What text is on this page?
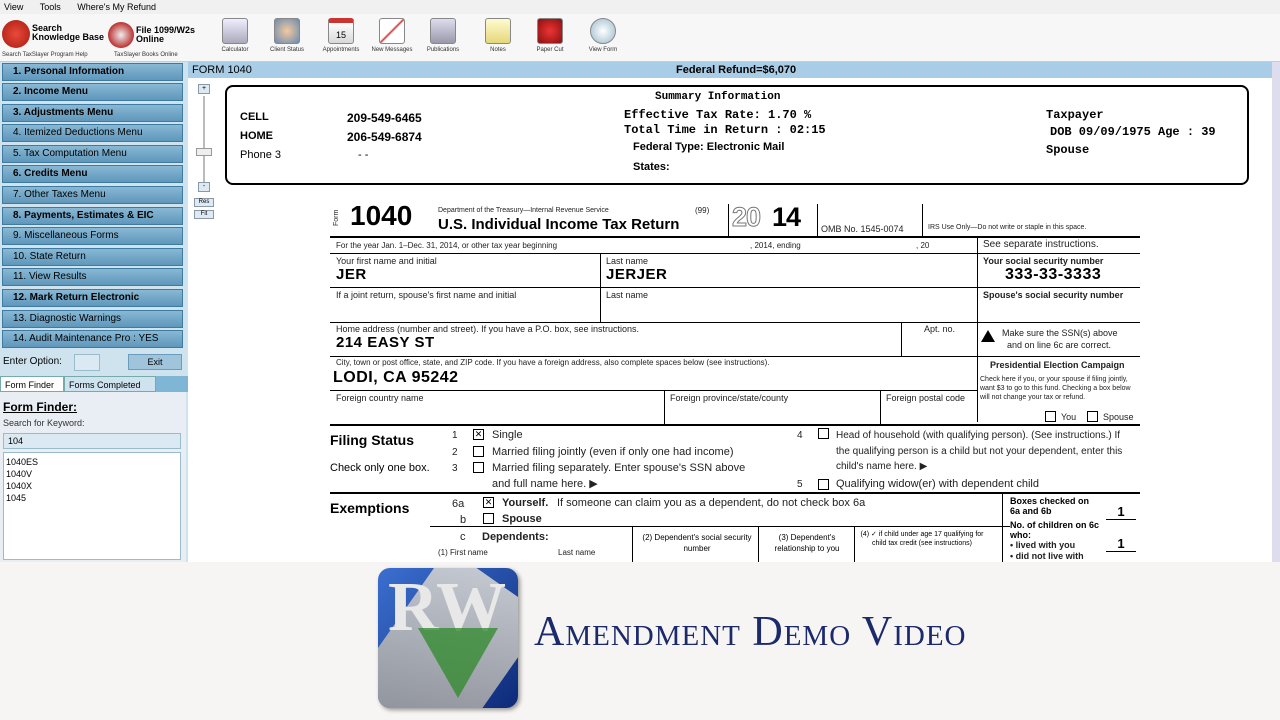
View Tools Where's My Refund
Search
Knowledge Base
Search TaxSlayer Program Help
File 1099/W2s
Online
TaxSlayer Books Online
Calculator	Client Status
15
Appointments	New Messages	Publications	Notes	Paper Cut	View Form
1. Personal Information
2. Income Menu
3. Adjustments Menu
4. Itemized Deductions Menu
5. Tax Computation Menu
6. Credits Menu
7. Other Taxes Menu
8. Payments, Estimates & EIC
9. Miscellaneous Forms
10. State Return
11. View Results
12. Mark Return Electronic
13. Diagnostic Warnings
14. Audit Maintenance Pro : YES
Enter Option:	Exit
Form Finder	Forms Completed
Form Finder:
Search for Keyword:
104
1040ES
1040V
1040X
1045
FORM 1040	Federal Refund=$6,070
+
-
Res
Fit
CELL	209-549-6465
HOME	206-549-6874
Phone 3	- -
Summary Information
Effective Tax Rate: 1.70 %
Total Time in Return : 02:15
Federal Type: Electronic Mail
States:
Taxpayer
DOB 09/09/1975 Age : 39
Spouse
Form 1040	Department of the Treasury—Internal Revenue Service	(99)
U.S. Individual Income Tax Return 20 14 OMB No. 1545-0074	IRS Use Only—Do not write or staple in this space.
For the year Jan. 1–Dec. 31, 2014, or other tax year beginning	, 2014, ending	, 20	See separate instructions.
Your first name and initial
JER
Last name
JERJER
Your social security number
333-33-3333
If a joint return, spouse's first name and initial	Last name	Spouse's social security number
Home address (number and street). If you have a P.O. box, see instructions.
214 EASY ST
Apt. no.	Make sure the SSN(s) above
and on line 6c are correct.
City, town or post office, state, and ZIP code. If you have a foreign address, also complete spaces below (see instructions).
LODI, CA 95242
Presidential Election Campaign
Check here if you, or your spouse if filing jointly, want $3 to go to this fund. Checking a box below will not change your tax or refund.
You	Spouse
Foreign country name	Foreign province/state/county	Foreign postal code
Filing Status
Check only one box.
1 ✕ Single
2	Married filing jointly (even if only one had income)
3	Married filing separately. Enter spouse's SSN above
and full name here. ▶
4	Head of household (with qualifying person). (See instructions.) If
the qualifying person is a child but not your dependent, enter this
child's name here. ▶
5	Qualifying widow(er) with dependent child
Exemptions	6a ✕ Yourself. If someone can claim you as a dependent, do not check box 6a
b	Spouse
c Dependents:
(1) First name	Last name
(2) Dependent's social security number
(3) Dependent's relationship to you
(4) ✓ if child under age 17 qualifying for child tax credit (see instructions)
Boxes checked on 6a and 6b	1
No. of children on 6c who:
• lived with you	1
• did not live with
RW Amendment Demo Video
